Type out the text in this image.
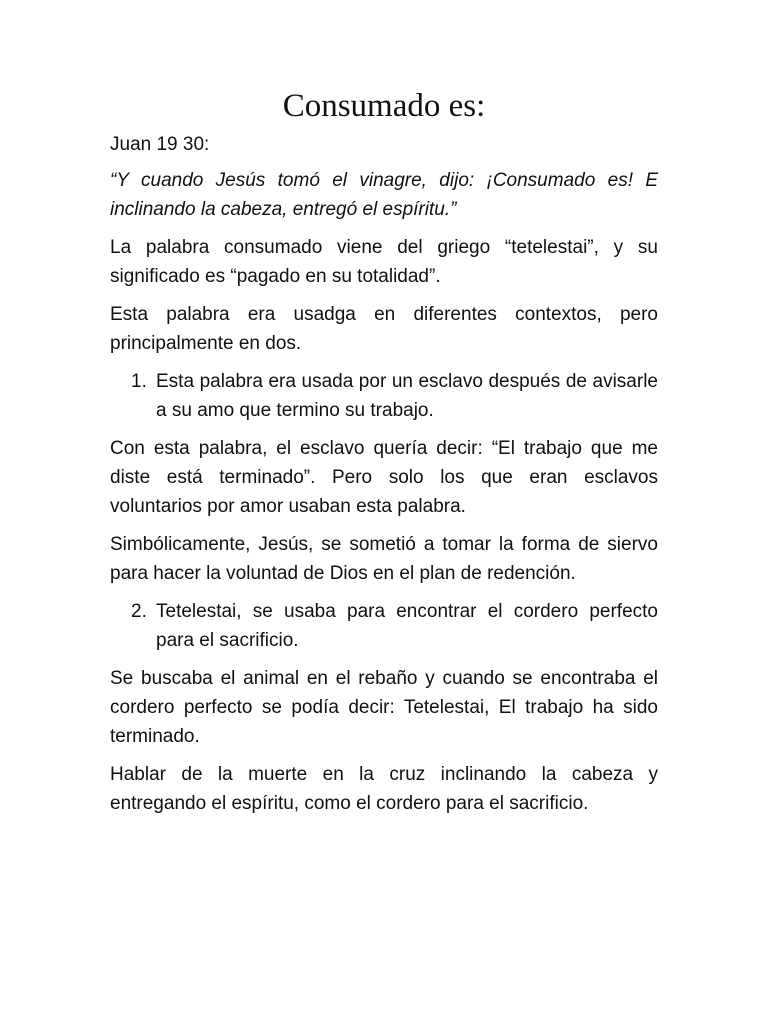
Consumado es:

Juan 19 30:

“Y cuando Jesús tomó el vinagre, dijo: ¡Consumado es! E inclinando la cabeza, entregó el espíritu.”

La palabra consumado viene del griego “tetelestai”, y su significado es “pagado en su totalidad”.

Esta palabra era usadga en diferentes contextos, pero principalmente en dos.

1. Esta palabra era usada por un esclavo después de avisarle a su amo que termino su trabajo.

Con esta palabra, el esclavo quería decir: “El trabajo que me diste está terminado”. Pero solo los que eran esclavos voluntarios por amor usaban esta palabra.

Simbólicamente, Jesús, se sometió a tomar la forma de siervo para hacer la voluntad de Dios en el plan de redención.

2. Tetelestai, se usaba para encontrar el cordero perfecto para el sacrificio.

Se buscaba el animal en el rebaño y cuando se encontraba el cordero perfecto se podía decir: Tetelestai, El trabajo ha sido terminado.

Hablar de la muerte en la cruz inclinando la cabeza y entregando el espíritu, como el cordero para el sacrificio.
